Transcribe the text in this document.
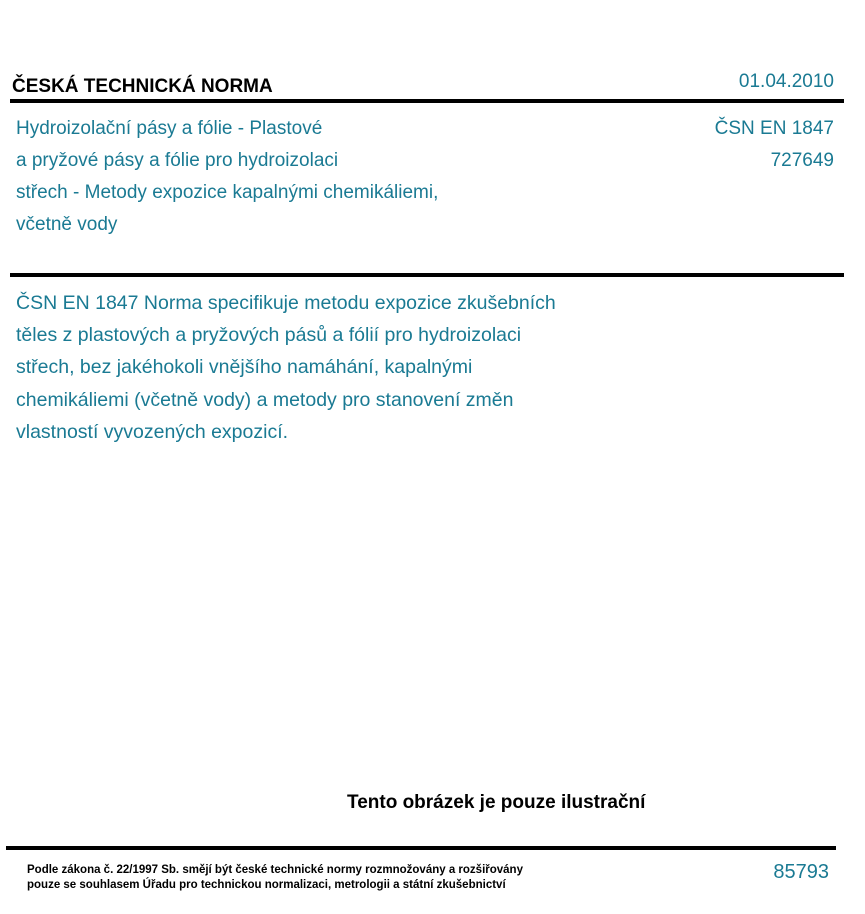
ČESKÁ TECHNICKÁ NORMA	01.04.2010
Hydroizolační pásy a fólie - Plastové
a pryžové pásy a fólie pro hydroizolaci
střech - Metody expozice kapalnými chemikáliemi,
včetně vody
ČSN EN 1847
727649
ČSN EN 1847 Norma specifikuje metodu expozice zkušebních
těles z plastových a pryžových pásů a fólií pro hydroizolaci
střech, bez jakéhokoli vnějšího namáhání, kapalnými
chemikáliemi (včetně vody) a metody pro stanovení změn
vlastností vyvozených expozicí.
Tento obrázek je pouze ilustrační
Podle zákona č. 22/1997 Sb. smějí být české technické normy rozmnožovány a rozšiřovány
pouze se souhlasem Úřadu pro technickou normalizaci, metrologii a státní zkušebnictví
85793
